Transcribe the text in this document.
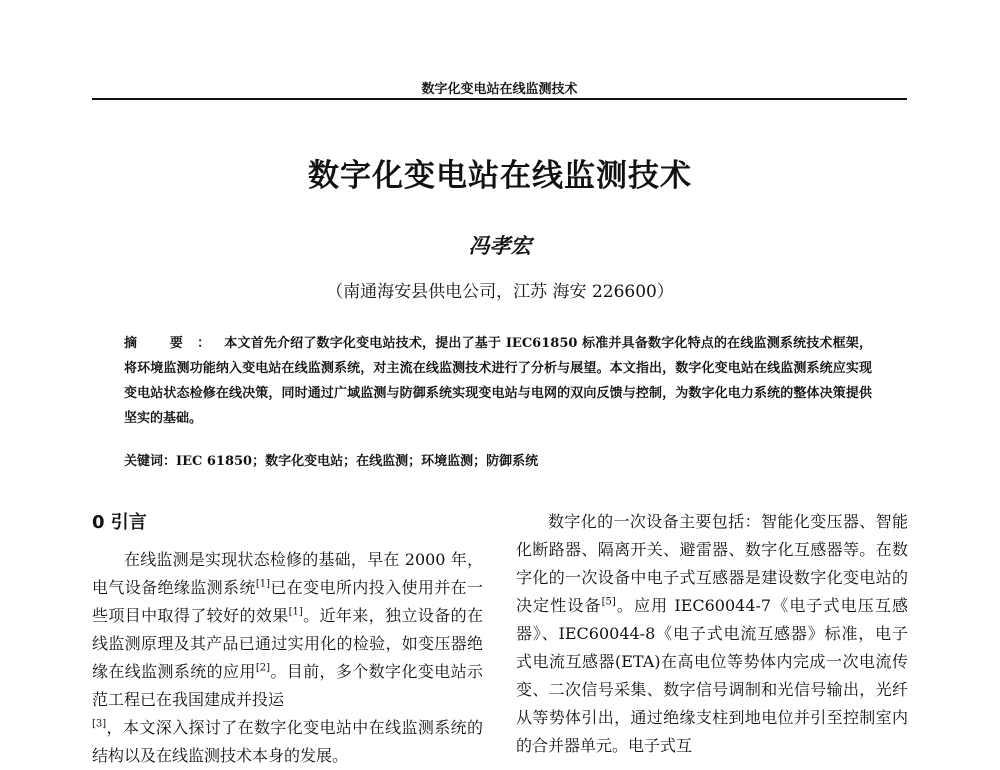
数字化变电站在线监测技术
数字化变电站在线监测技术
冯孝宏
（南通海安县供电公司，江苏 海安 226600）
摘 要：本文首先介绍了数字化变电站技术，提出了基于 IEC61850 标准并具备数字化特点的在线监测系统技术框架，将环境监测功能纳入变电站在线监测系统，对主流在线监测技术进行了分析与展望。本文指出，数字化变电站在线监测系统应实现变电站状态检修在线决策，同时通过广域监测与防御系统实现变电站与电网的双向反馈与控制，为数字化电力系统的整体决策提供坚实的基础。
关键词：IEC 61850；数字化变电站；在线监测；环境监测；防御系统
0 引言

在线监测是实现状态检修的基础，早在 2000 年，电气设备绝缘监测系统[1]已在变电所内投入使用并在一些项目中取得了较好的效果[1]。近年来，独立设备的在线监测原理及其产品已通过实用化的检验，如变压器绝缘在线监测系统的应用[2]。目前，多个数字化变电站示范工程已在我国建成并投运
[3]，本文深入探讨了在数字化变电站中在线监测系统的结构以及在线监测技术本身的发展。

数字化的一次设备主要包括：智能化变压器、智能化断路器、隔离开关、避雷器、数字化互感器等。在数字化的一次设备中电子式互感器是建设数字化变电站的决定性设备[5]。应用 IEC60044-7《电子式电压互感器》、IEC60044-8《电子式电流互感器》标准，电子式电流互感器(ETA)在高电位等势体内完成一次电流传变、二次信号采集、数字信号调制和光信号输出，光纤从等势体引出，通过绝缘支柱到地电位并引至控制室内的合并器单元。电子式互
